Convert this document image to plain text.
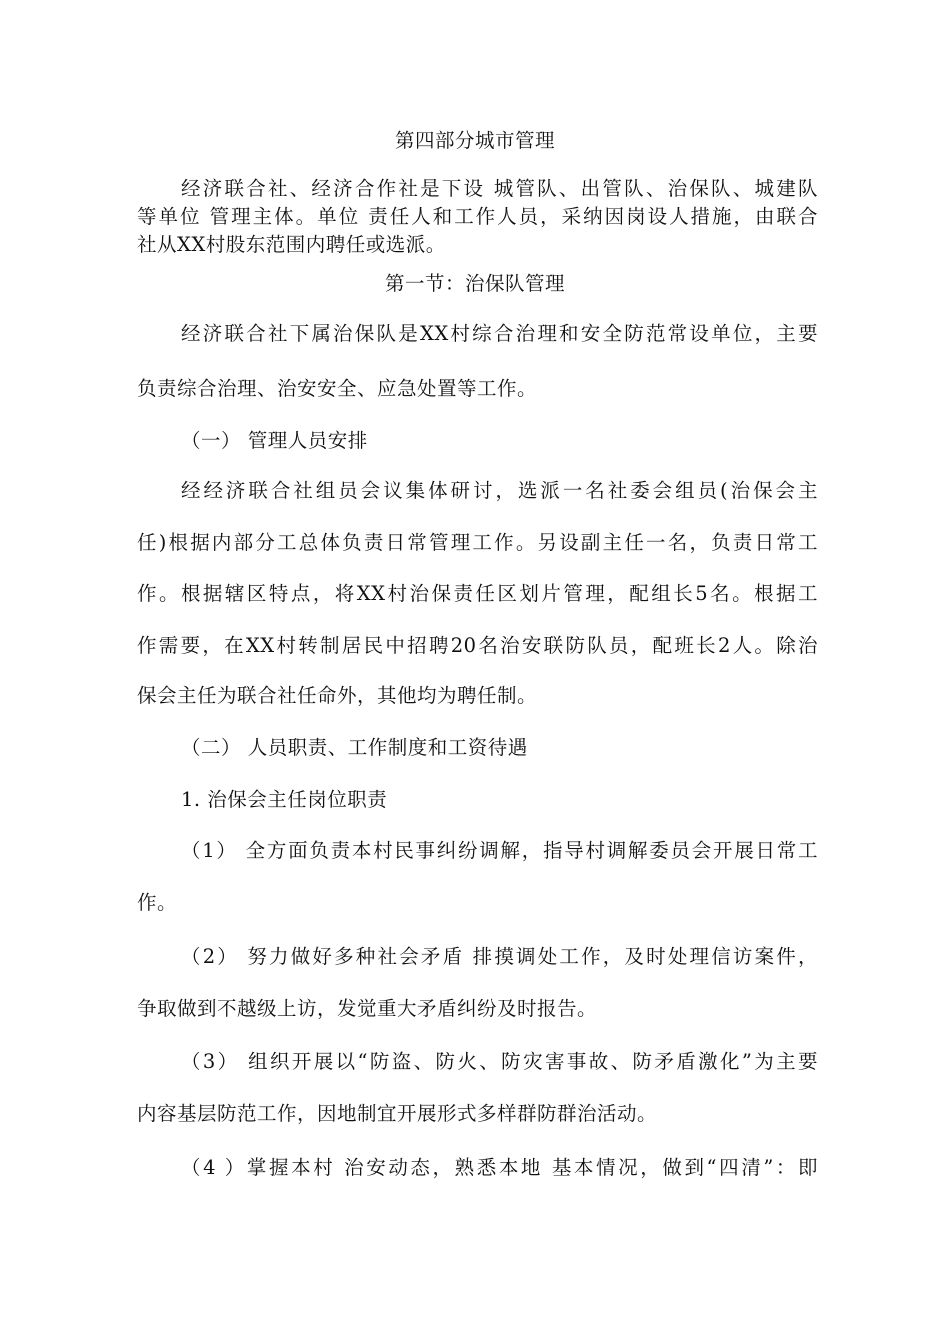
第四部分城市管理
经济联合社、经济合作社是下设 城管队、出管队、治保队、城建队
等单位 管理主体。单位 责任人和工作人员，采纳因岗设人措施，由联合
社从XX村股东范围内聘任或选派。
第一节：治保队管理
经济联合社下属治保队是XX村综合治理和安全防范常设单位，主要
负责综合治理、治安安全、应急处置等工作。
（一） 管理人员安排
经经济联合社组员会议集体研讨，选派一名社委会组员(治保会主
任)根据内部分工总体负责日常管理工作。另设副主任一名，负责日常工
作。根据辖区特点，将XX村治保责任区划片管理，配组长5名。根据工
作需要，在XX村转制居民中招聘20名治安联防队员，配班长2人。除治
保会主任为联合社任命外，其他均为聘任制。
（二） 人员职责、工作制度和工资待遇
1. 治保会主任岗位职责
（1） 全方面负责本村民事纠纷调解，指导村调解委员会开展日常工
作。
（2） 努力做好多种社会矛盾 排摸调处工作，及时处理信访案件，
争取做到不越级上访，发觉重大矛盾纠纷及时报告。
（3） 组织开展以“防盗、防火、防灾害事故、防矛盾激化”为主要
内容基层防范工作，因地制宜开展形式多样群防群治活动。
（4 ）掌握本村 治安动态，熟悉本地 基本情况，做到“四清”：即
